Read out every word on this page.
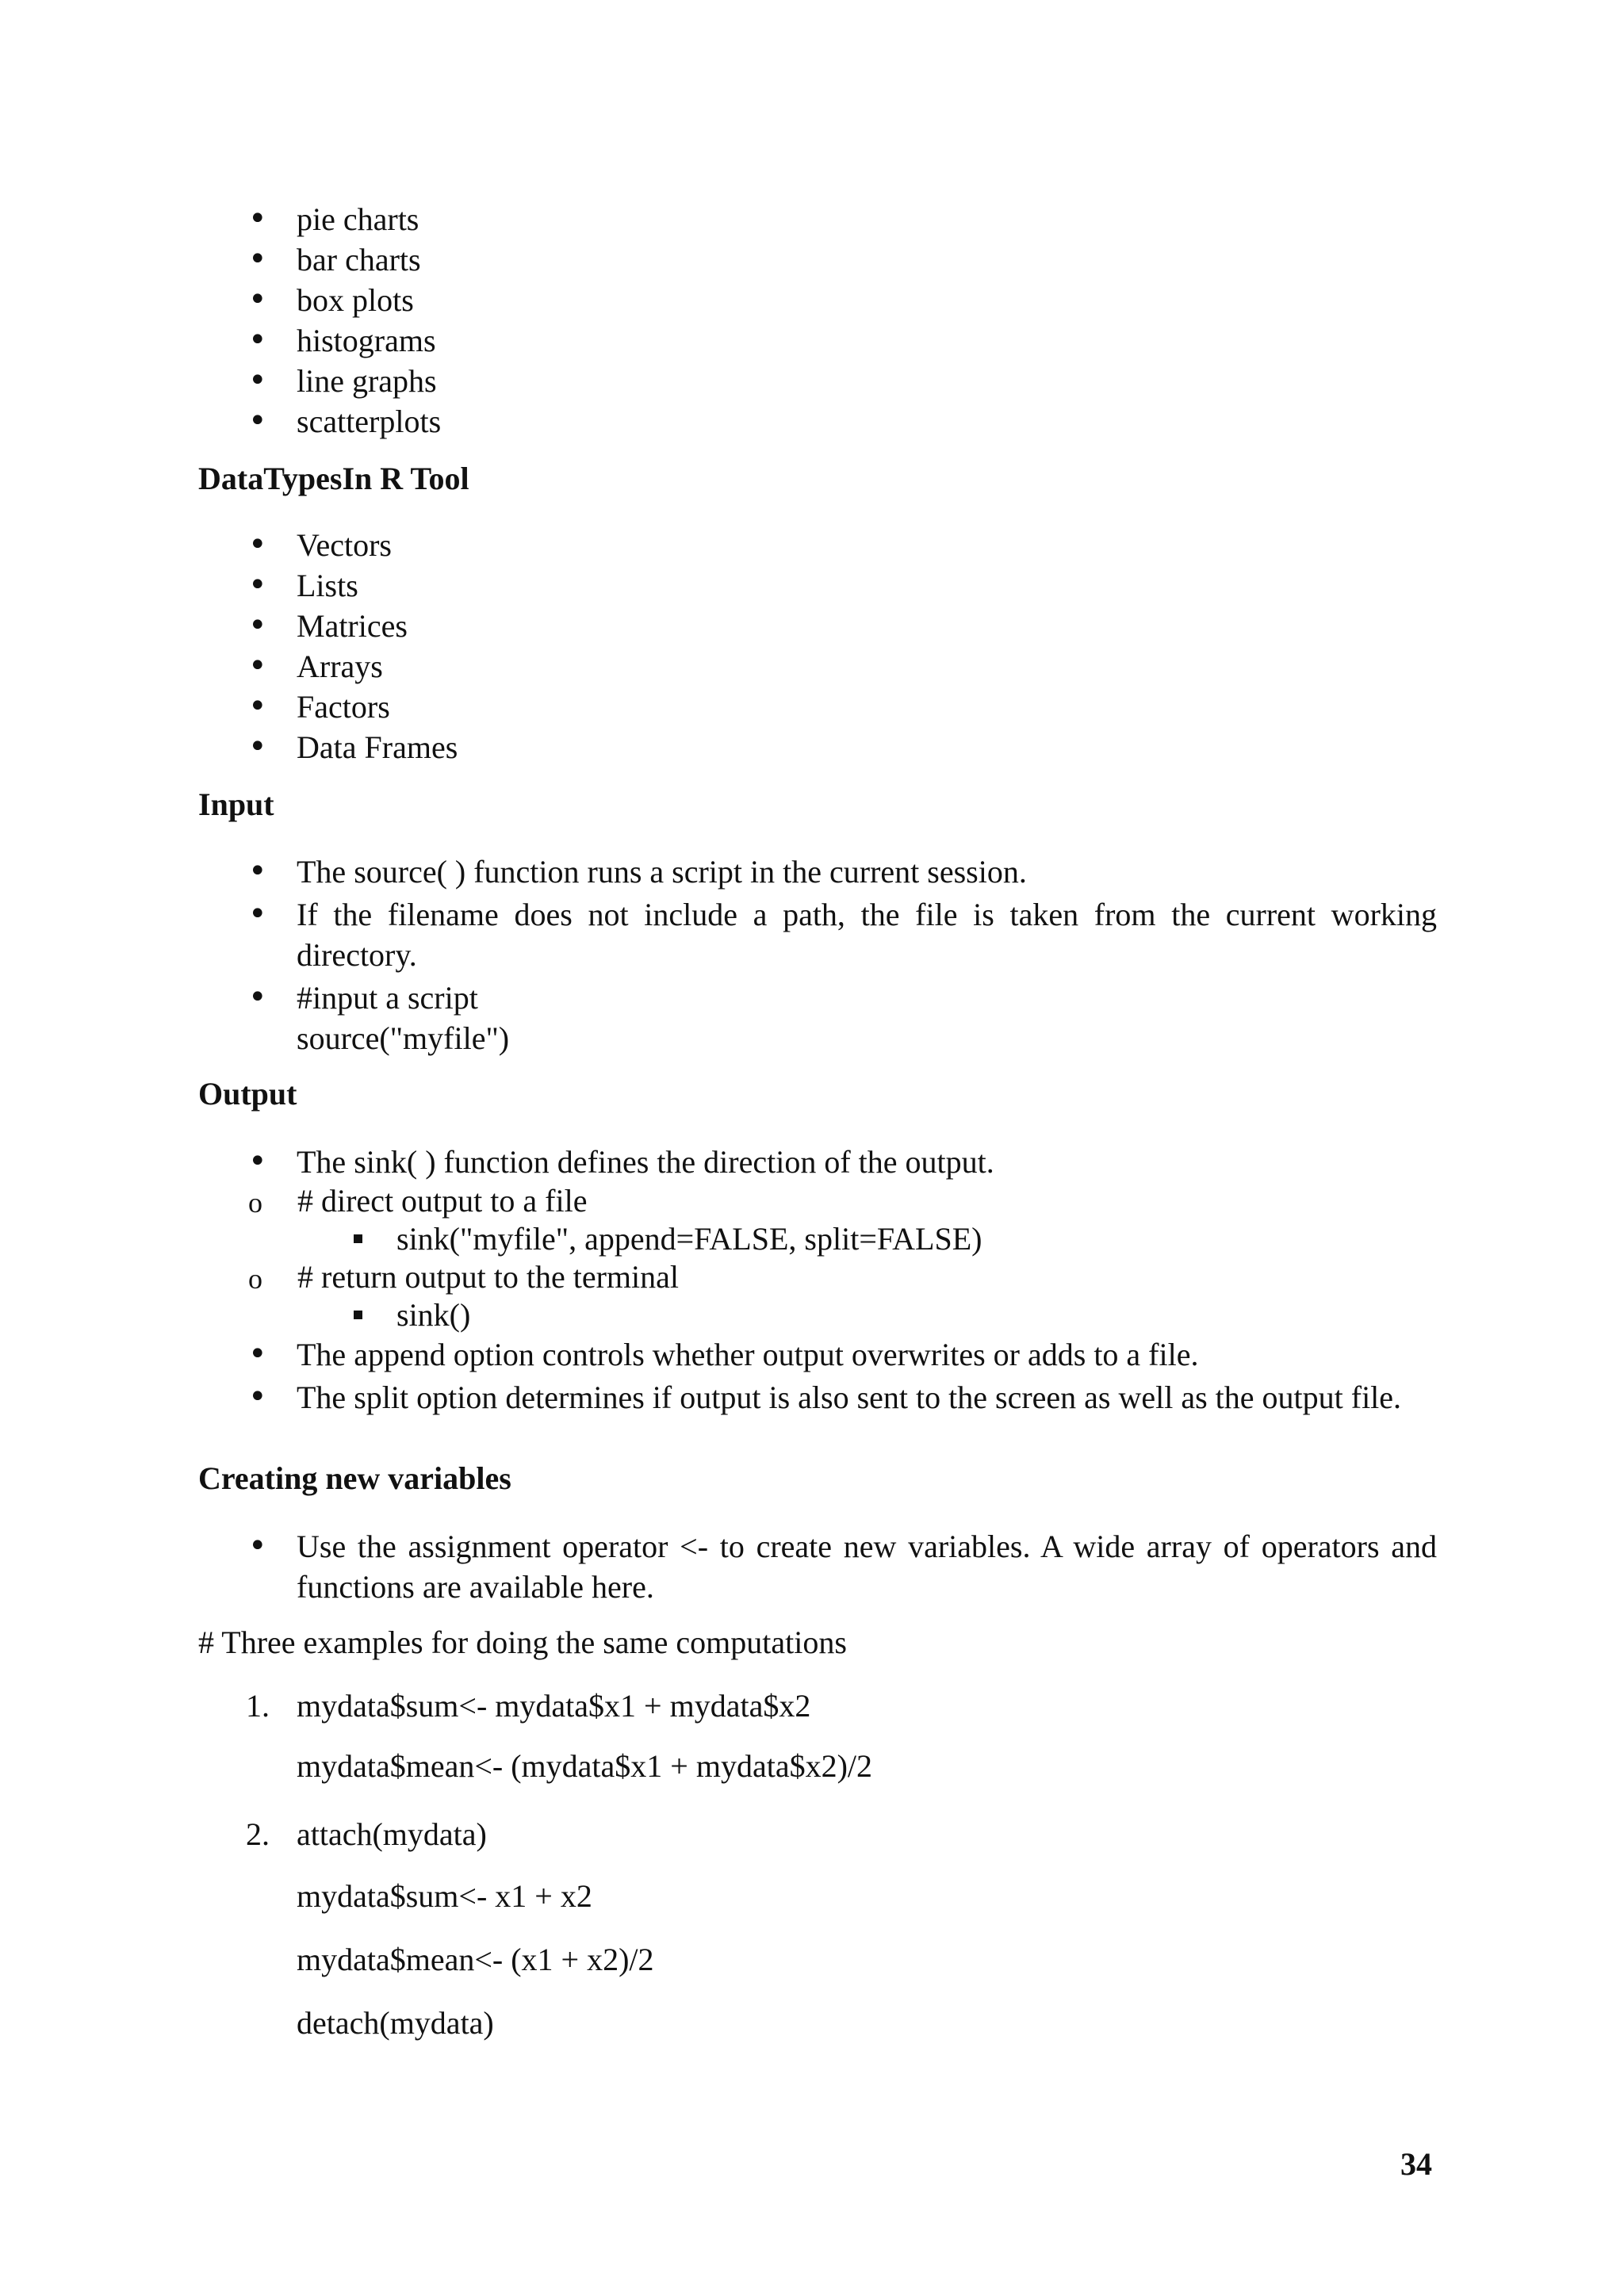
• pie charts
• bar charts
• box plots
• histograms
• line graphs
• scatterplots
DataTypesIn R Tool
• Vectors
• Lists
• Matrices
• Arrays
• Factors
• Data Frames
Input
• The source( ) function runs a script in the current session.
• If the filename does not include a path, the file is taken from the current working directory.
• #input a script
source("myfile")
Output
• The sink( ) function defines the direction of the output.
o # direct output to a file
sink("myfile", append=FALSE, split=FALSE)
o # return output to the terminal
sink()
• The append option controls whether output overwrites or adds to a file.
• The split option determines if output is also sent to the screen as well as the output file.
Creating new variables
• Use the assignment operator <- to create new variables. A wide array of operators and functions are available here.

# Three examples for doing the same computations

1. mydata$sum<- mydata$x1 + mydata$x2
mydata$mean<- (mydata$x1 + mydata$x2)/2
2. attach(mydata)
mydata$sum<- x1 + x2
mydata$mean<- (x1 + x2)/2
detach(mydata)
34
